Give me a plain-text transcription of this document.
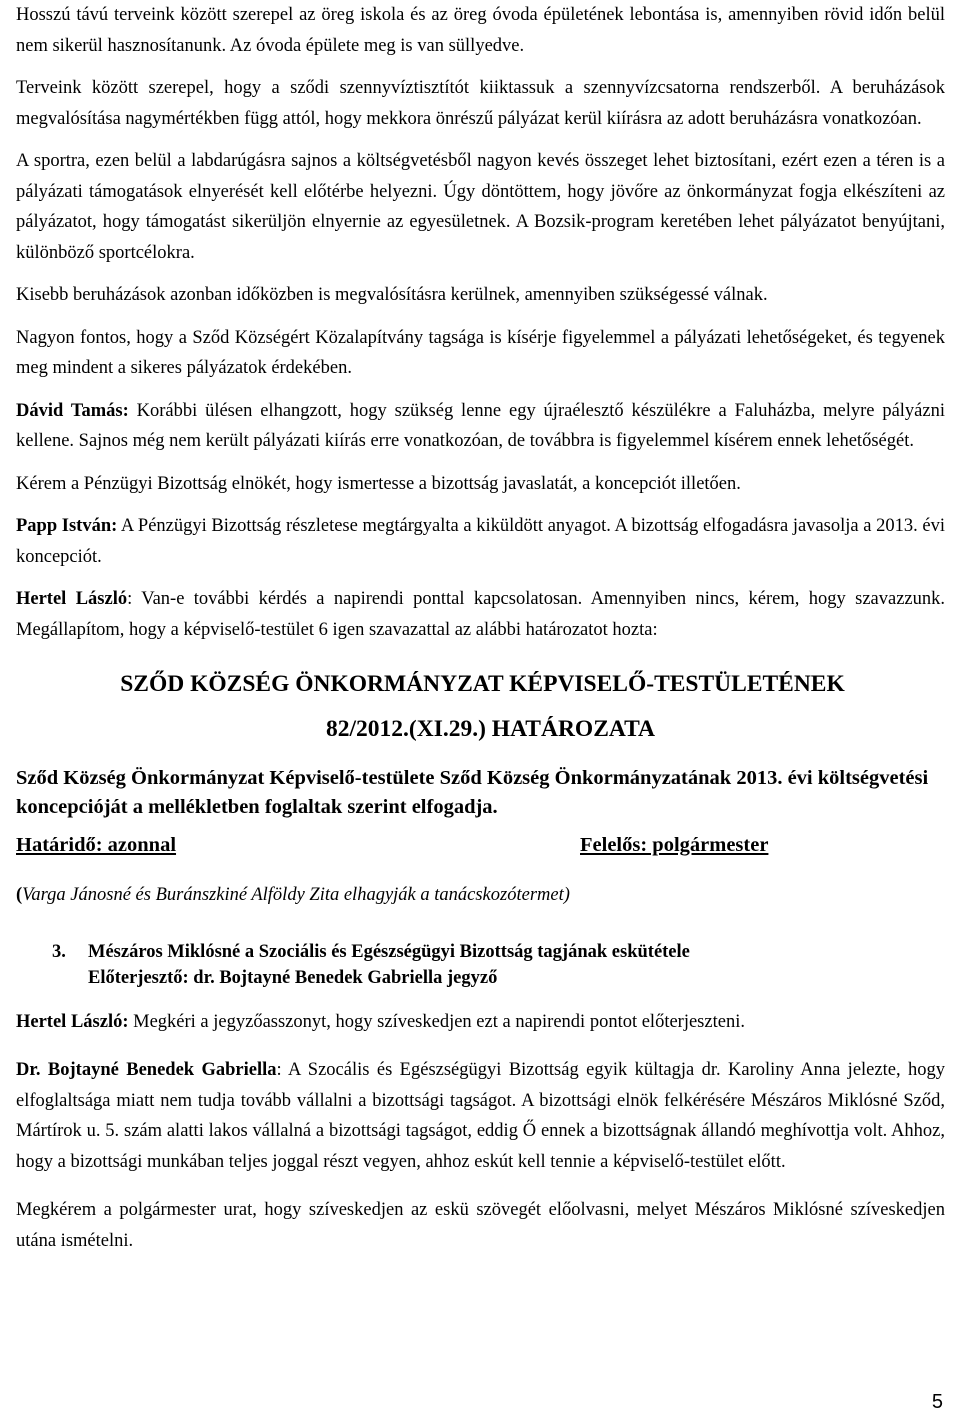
Hosszú távú terveink között szerepel az öreg iskola és az öreg óvoda épületének lebontása is, amennyiben rövid időn belül nem sikerül hasznosítanunk. Az óvoda épülete meg is van süllyedve.

Terveink között szerepel, hogy a sződi szennyvíztisztítót kiiktassuk a szennyvízcsatorna rendszerből. A beruházások megvalósítása nagymértékben függ attól, hogy mekkora önrészű pályázat kerül kiírásra az adott beruházásra vonatkozóan.

A sportra, ezen belül a labdarúgásra sajnos a költségvetésből nagyon kevés összeget lehet biztosítani, ezért ezen a téren is a pályázati támogatások elnyerését kell előtérbe helyezni. Úgy döntöttem, hogy jövőre az önkormányzat fogja elkészíteni az pályázatot, hogy támogatást sikerüljön elnyernie az egyesületnek. A Bozsik-program keretében lehet pályázatot benyújtani, különböző sportcélokra.

Kisebb beruházások azonban időközben is megvalósításra kerülnek, amennyiben szükségessé válnak.

Nagyon fontos, hogy a Sződ Községért Közalapítvány tagsága is kísérje figyelemmel a pályázati lehetőségeket, és tegyenek meg mindent a sikeres pályázatok érdekében.

Dávid Tamás: Korábbi ülésen elhangzott, hogy szükség lenne egy újraélesztő készülékre a Faluházba, melyre pályázni kellene. Sajnos még nem került pályázati kiírás erre vonatkozóan, de továbbra is figyelemmel kísérem ennek lehetőségét.

Kérem a Pénzügyi Bizottság elnökét, hogy ismertesse a bizottság javaslatát, a koncepciót illetően.

Papp István: A Pénzügyi Bizottság részletese megtárgyalta a kiküldött anyagot. A bizottság elfogadásra javasolja a 2013. évi koncepciót.

Hertel László: Van-e további kérdés a napirendi ponttal kapcsolatosan. Amennyiben nincs, kérem, hogy szavazzunk. Megállapítom, hogy a képviselő-testület 6 igen szavazattal az alábbi határozatot hozta:

SZŐD KÖZSÉG ÖNKORMÁNYZAT KÉPVISELŐ-TESTÜLETÉNEK
82/2012.(XI.29.) HATÁROZATA

Sződ Község Önkormányzat Képviselő-testülete Sződ Község Önkormányzatának 2013. évi költségvetési koncepcióját a mellékletben foglaltak szerint elfogadja.

Határidő: azonnal	Felelős: polgármester

(Varga Jánosné és Buránszkiné Alföldy Zita elhagyják a tanácskozótermet)

3. Mészáros Miklósné a Szociális és Egészségügyi Bizottság tagjának eskütétele
Előterjesztő: dr. Bojtayné Benedek Gabriella jegyző

Hertel László: Megkéri a jegyzőasszonyt, hogy szíveskedjen ezt a napirendi pontot előterjeszteni.

Dr. Bojtayné Benedek Gabriella: A Szocális és Egészségügyi Bizottság egyik kültagja dr. Karoliny Anna jelezte, hogy elfoglaltsága miatt nem tudja tovább vállalni a bizottsági tagságot. A bizottsági elnök felkérésére Mészáros Miklósné Sződ, Mártírok u. 5. szám alatti lakos vállalná a bizottsági tagságot, eddig Ő ennek a bizottságnak állandó meghívottja volt. Ahhoz, hogy a bizottsági munkában teljes joggal részt vegyen, ahhoz eskút kell tennie a képviselő-testület előtt.

Megkérem a polgármester urat, hogy szíveskedjen az eskü szövegét előolvasni, melyet Mészáros Miklósné szíveskedjen utána ismételni.

5
